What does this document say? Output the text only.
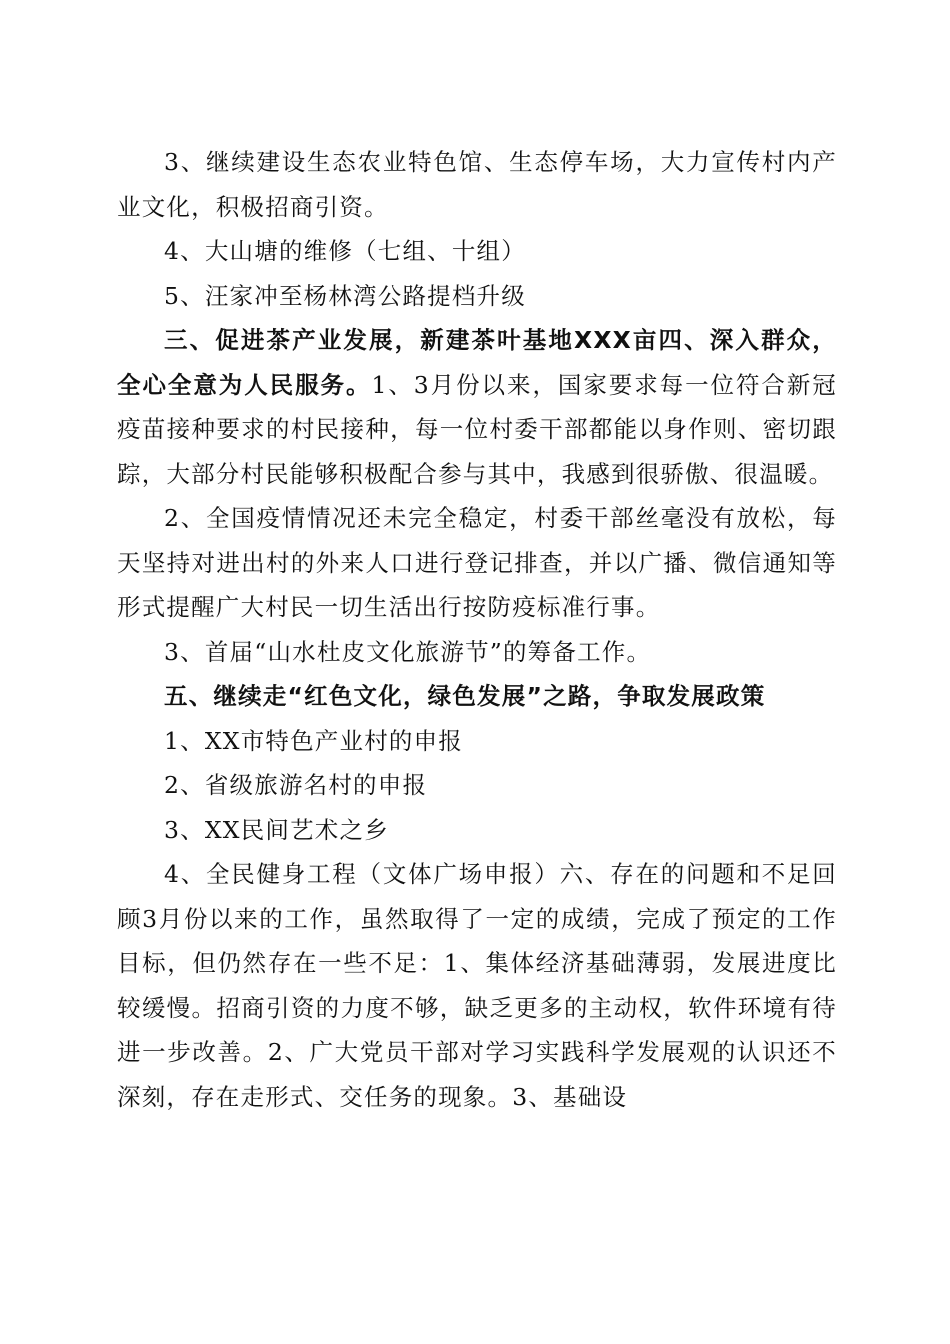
3、继续建设生态农业特色馆、生态停车场，大力宣传村内产业文化，积极招商引资。

4、大山塘的维修（七组、十组）

5、汪家冲至杨林湾公路提档升级

三、促进茶产业发展，新建茶叶基地XXX亩四、深入群众，全心全意为人民服务。1、3月份以来，国家要求每一位符合新冠疫苗接种要求的村民接种，每一位村委干部都能以身作则、密切跟踪，大部分村民能够积极配合参与其中，我感到很骄傲、很温暖。

2、全国疫情情况还未完全稳定，村委干部丝毫没有放松，每天坚持对进出村的外来人口进行登记排查，并以广播、微信通知等形式提醒广大村民一切生活出行按防疫标准行事。

3、首届“山水杜皮文化旅游节”的筹备工作。

五、继续走“红色文化，绿色发展”之路，争取发展政策

1、XX市特色产业村的申报

2、省级旅游名村的申报

3、XX民间艺术之乡

4、全民健身工程（文体广场申报）六、存在的问题和不足回顾3月份以来的工作，虽然取得了一定的成绩，完成了预定的工作目标，但仍然存在一些不足：1、集体经济基础薄弱，发展进度比较缓慢。招商引资的力度不够，缺乏更多的主动权，软件环境有待进一步改善。2、广大党员干部对学习实践科学发展观的认识还不深刻，存在走形式、交任务的现象。3、基础设
